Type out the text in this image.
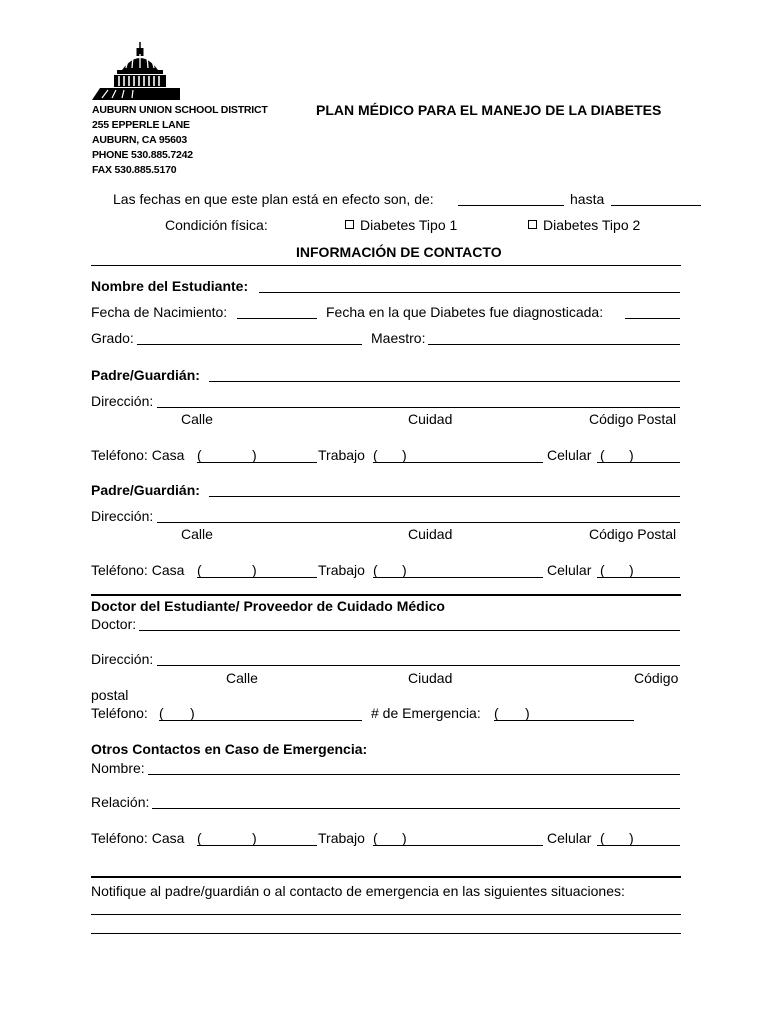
AUBURN UNION SCHOOL DISTRICT
255 EPPERLE LANE
AUBURN, CA 95603
PHONE 530.885.7242
FAX 530.885.5170
PLAN MÉDICO PARA EL MANEJO DE LA DIABETES
Las fechas en que este plan está en efecto son, de:	hasta
Condición física:	Diabetes Tipo 1	Diabetes Tipo 2
INFORMACIÓN DE CONTACTO
Nombre del Estudiante:
Fecha de Nacimiento:	Fecha en la que Diabetes fue diagnosticada:
Grado:	Maestro:
Padre/Guardián:
Dirección:
Calle	Cuidad	Código Postal
Teléfono: Casa (	)	Trabajo ( )	Celular ( )
Padre/Guardián:
Dirección:
Calle	Cuidad	Código Postal
Teléfono: Casa (	)	Trabajo ( )	Celular ( )
Doctor del Estudiante/ Proveedor de Cuidado Médico
Doctor:
Dirección:
Calle	Ciudad	Código
postal
Teléfono: ( )	# de Emergencia: ( )
Otros Contactos en Caso de Emergencia:
Nombre:
Relación:
Teléfono: Casa (	)	Trabajo ( )	Celular ( )
Notifique al padre/guardián o al contacto de emergencia en las siguientes situaciones:
